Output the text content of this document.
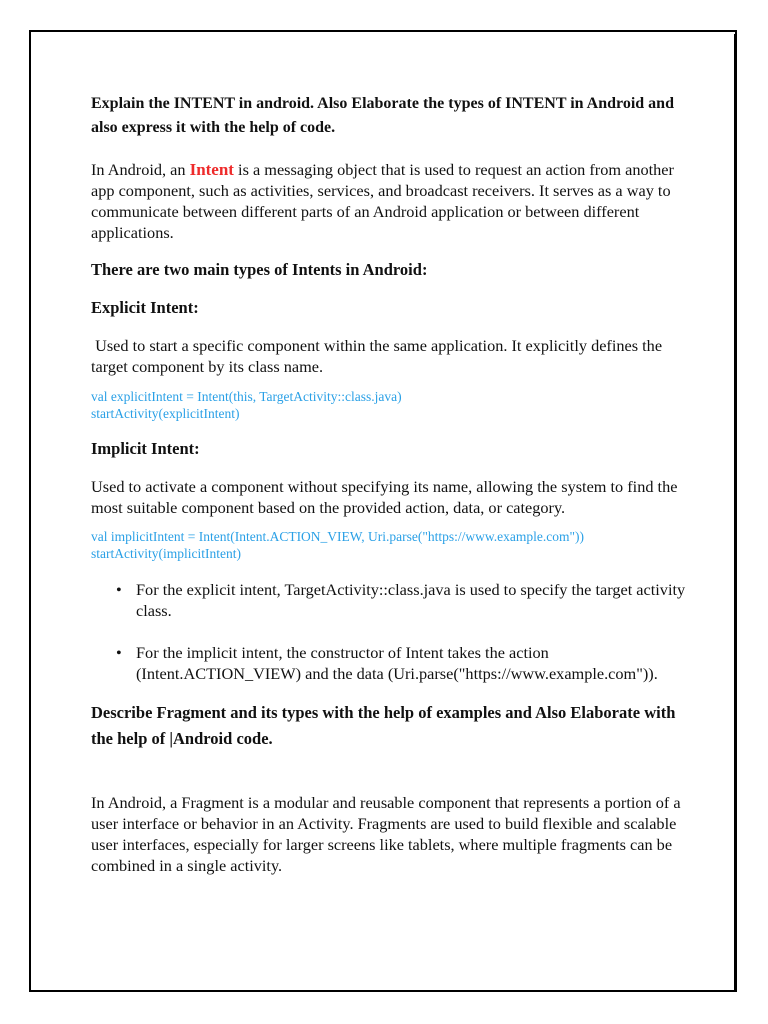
Explain the INTENT in android. Also Elaborate the types of INTENT in Android and also express it with the help of code.

In Android, an Intent is a messaging object that is used to request an action from another app component, such as activities, services, and broadcast receivers. It serves as a way to communicate between different parts of an Android application or between different applications.

There are two main types of Intents in Android:

Explicit Intent:

Used to start a specific component within the same application. It explicitly defines the target component by its class name.

val explicitIntent = Intent(this, TargetActivity::class.java)

startActivity(explicitIntent)

Implicit Intent:

Used to activate a component without specifying its name, allowing the system to find the most suitable component based on the provided action, data, or category.

val implicitIntent = Intent(Intent.ACTION_VIEW, Uri.parse("https://www.example.com"))

startActivity(implicitIntent)

• For the explicit intent, TargetActivity::class.java is used to specify the target activity class.
• For the implicit intent, the constructor of Intent takes the action (Intent.ACTION_VIEW) and the data (Uri.parse("https://www.example.com")).

Describe Fragment and its types with the help of examples and Also Elaborate with the help of |Android code.

In Android, a Fragment is a modular and reusable component that represents a portion of a user interface or behavior in an Activity. Fragments are used to build flexible and scalable user interfaces, especially for larger screens like tablets, where multiple fragments can be combined in a single activity.
